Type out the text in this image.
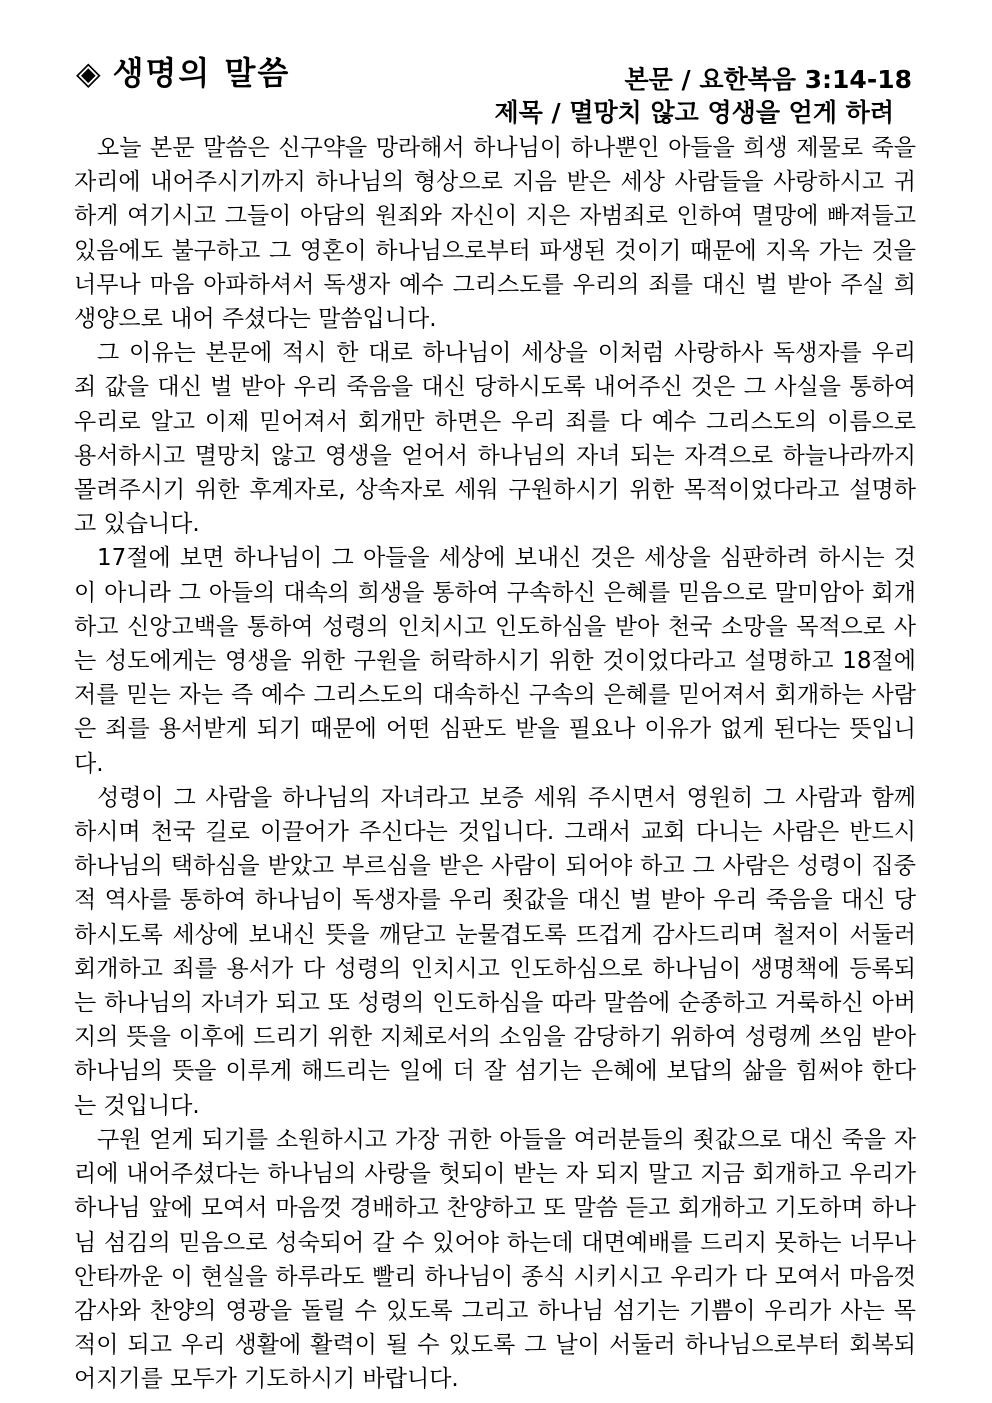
◈ 생명의 말씀	본문 / 요한복음 3:14-18
제목 / 멸망치 않고 영생을 얻게 하려

오늘 본문 말씀은 신구약을 망라해서 하나님이 하나뿐인 아들을 희생 제물로 죽을 자리에 내어주시기까지 하나님의 형상으로 지음 받은 세상 사람들을 사랑하시고 귀하게 여기시고 그들이 아담의 원죄와 자신이 지은 자범죄로 인하여 멸망에 빠져들고 있음에도 불구하고 그 영혼이 하나님으로부터 파생된 것이기 때문에 지옥 가는 것을 너무나 마음 아파하셔서 독생자 예수 그리스도를 우리의 죄를 대신 벌 받아 주실 희생양으로 내어 주셨다는 말씀입니다.

그 이유는 본문에 적시 한 대로 하나님이 세상을 이처럼 사랑하사 독생자를 우리 죄 값을 대신 벌 받아 우리 죽음을 대신 당하시도록 내어주신 것은 그 사실을 통하여 우리로 알고 이제 믿어져서 회개만 하면은 우리 죄를 다 예수 그리스도의 이름으로 용서하시고 멸망치 않고 영생을 얻어서 하나님의 자녀 되는 자격으로 하늘나라까지 몰려주시기 위한 후계자로, 상속자로 세워 구원하시기 위한 목적이었다라고 설명하고 있습니다.

17절에 보면 하나님이 그 아들을 세상에 보내신 것은 세상을 심판하려 하시는 것이 아니라 그 아들의 대속의 희생을 통하여 구속하신 은혜를 믿음으로 말미암아 회개하고 신앙고백을 통하여 성령의 인치시고 인도하심을 받아 천국 소망을 목적으로 사는 성도에게는 영생을 위한 구원을 허락하시기 위한 것이었다라고 설명하고 18절에 저를 믿는 자는 즉 예수 그리스도의 대속하신 구속의 은혜를 믿어져서 회개하는 사람은 죄를 용서받게 되기 때문에 어떤 심판도 받을 필요나 이유가 없게 된다는 뜻입니다.

성령이 그 사람을 하나님의 자녀라고 보증 세워 주시면서 영원히 그 사람과 함께 하시며 천국 길로 이끌어가 주신다는 것입니다. 그래서 교회 다니는 사람은 반드시 하나님의 택하심을 받았고 부르심을 받은 사람이 되어야 하고 그 사람은 성령이 집중적 역사를 통하여 하나님이 독생자를 우리 죗값을 대신 벌 받아 우리 죽음을 대신 당하시도록 세상에 보내신 뜻을 깨닫고 눈물겹도록 뜨겁게 감사드리며 철저이 서둘러 회개하고 죄를 용서가 다 성령의 인치시고 인도하심으로 하나님이 생명책에 등록되는 하나님의 자녀가 되고 또 성령의 인도하심을 따라 말씀에 순종하고 거룩하신 아버지의 뜻을 이후에 드리기 위한 지체로서의 소임을 감당하기 위하여 성령께 쓰임 받아 하나님의 뜻을 이루게 해드리는 일에 더 잘 섬기는 은혜에 보답의 삶을 힘써야 한다는 것입니다.

구원 얻게 되기를 소원하시고 가장 귀한 아들을 여러분들의 죗값으로 대신 죽을 자리에 내어주셨다는 하나님의 사랑을 헛되이 받는 자 되지 말고 지금 회개하고 우리가 하나님 앞에 모여서 마음껏 경배하고 찬양하고 또 말씀 듣고 회개하고 기도하며 하나님 섬김의 믿음으로 성숙되어 갈 수 있어야 하는데 대면예배를 드리지 못하는 너무나 안타까운 이 현실을 하루라도 빨리 하나님이 종식 시키시고 우리가 다 모여서 마음껏 감사와 찬양의 영광을 돌릴 수 있도록 그리고 하나님 섬기는 기쁨이 우리가 사는 목적이 되고 우리 생활에 활력이 될 수 있도록 그 날이 서둘러 하나님으로부터 회복되어지기를 모두가 기도하시기 바랍니다.
